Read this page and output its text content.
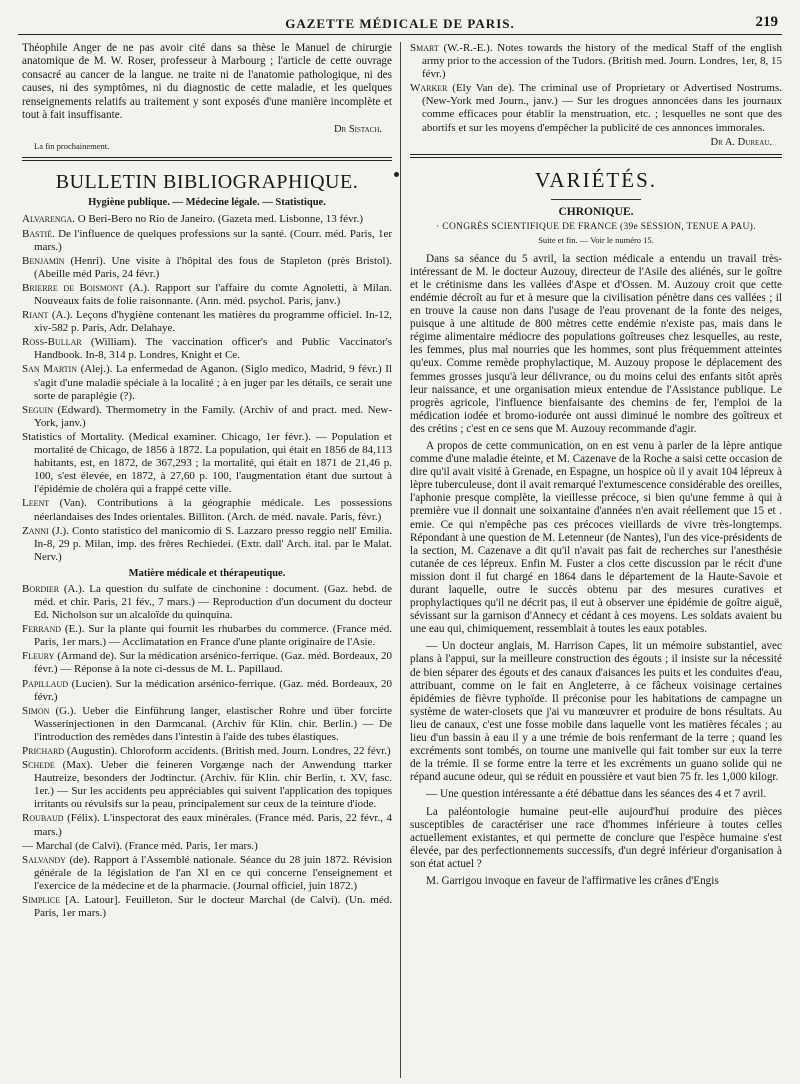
GAZETTE MÉDICALE DE PARIS.	219

Théophile Anger de ne pas avoir cité dans sa thèse le Manuel de chirurgie anatomique de M. W. Roser, professeur à Marbourg ; l'article de cette ouvrage consacré au cancer de la langue. ne traite ni de l'anatomie pathologique, ni des causes, ni des symptômes, ni du diagnostic de cette maladie, et les quelques renseignements relatifs au traitement y sont exposés d'une manière incomplète et tout à fait insuffisante.

Dr Sistach.

La fin prochainement.

BULLETIN BIBLIOGRAPHIQUE.
Hygiène publique. — Médecine légale. — Statistique.

Alvarenga. O Beri-Bero no Rio de Janeiro. (Gazeta med. Lisbonne, 13 févr.)

Bastié. De l'influence de quelques professions sur la santé. (Courr. méd. Paris, 1er mars.)

Benjamin (Henri). Une visite à l'hôpital des fous de Stapleton (près Bristol). (Abeille méd Paris, 24 févr.)

Brierre de Boismont (A.). Rapport sur l'affaire du comte Agnoletti, à Milan. Nouveaux faits de folie raisonnante. (Ann. méd. psychol. Paris, janv.)

Riant (A.). Leçons d'hygiène contenant les matières du programme officiel. In-12, xiv-582 p. Paris, Adr. Delahaye.

Ross-Bullar (William). The vaccination officer's and Public Vaccinator's Handbook. In-8, 314 p. Londres, Knight et Ce.

San Martin (Alej.). La enfermedad de Aganon. (Siglo medico, Madrid, 9 févr.) Il s'agit d'une maladie spéciale à la localité ; à en juger par les détails, ce serait une sorte de paraplégie (?).

Seguin (Edward). Thermometry in the Family. (Archiv of and pract. med. New-York, janv.)

Statistics of Mortality. (Medical examiner. Chicago, 1er févr.). — Population et mortalité de Chicago, de 1856 à 1872. La population, qui était en 1856 de 84,113 habitants, est, en 1872, de 367,293 ; la mortalité, qui était en 1871 de 21,46 p. 100, s'est élevée, en 1872, à 27,60 p. 100, l'augmentation étant due surtout à l'épidémie de choléra qui a frappé cette ville.

Leent (Van). Contributions à la géographie médicale. Les possessions néerlandaises des Indes orientales. Billiton. (Arch. de méd. navale. Paris, févr.)

Zanni (J.). Conto statistico del manicomio di S. Lazzaro presso reggio nell' Emilia. In-8, 29 p. Milan, imp. des frères Rechiedei. (Extr. dall' Arch. ital. par le Malat. Nerv.)

Matière médicale et thérapeutique.

Bordier (A.). La question du sulfate de cinchonine : document. (Gaz. hebd. de méd. et chir. Paris, 21 fév., 7 mars.) — Reproduction d'un document du docteur Ed. Nicholson sur un alcaloïde du quinquina.

Ferrand (E.). Sur la plante qui fournit les rhubarbes du commerce. (France méd. Paris, 1er mars.) — Acclimatation en France d'une plante originaire de l'Asie.

Fleury (Armand de). Sur la médication arsénico-ferrique. (Gaz. méd. Bordeaux, 20 févr.) — Réponse à la note ci-dessus de M. L. Papillaud.

Papillaud (Lucien). Sur la médication arsénico-ferrique. (Gaz. méd. Bordeaux, 20 févr.)

Simon (G.). Ueber die Einführung langer, elastischer Rohre und über forcirte Wasserinjectionen in den Darmcanal. (Archiv für Klin. chir. Berlin.) — De l'introduction des remèdes dans l'intestin à l'aide des tubes élastiques.

Prichard (Augustin). Chloroform accidents. (British med. Journ. Londres, 22 févr.)

Schede (Max). Ueber die feineren Vorgænge nach der Anwendung ttarker Hautreize, besonders der Jodtinctur. (Archiv. für Klin. chir Berlin, t. XV, fasc. 1er.) — Sur les accidents peu appréciables qui suivent l'application des topiques irritants ou révulsifs sur la peau, principalement sur ceux de la teinture d'iode.

Roubaud (Félix). L'inspectorat des eaux minérales. (France méd. Paris, 22 févr., 4 mars.)

— Marchal (de Calvi). (France méd. Paris, 1er mars.)

Salvandy (de). Rapport à l'Assemblé nationale. Séance du 28 juin 1872. Révision générale de la législation de l'an XI en ce qui concerne l'enseignement et l'exercice de la médecine et de la pharmacie. (Journal officiel, juin 1872.)

Simplice [A. Latour]. Feuilleton. Sur le docteur Marchal (de Calvi). (Un. méd. Paris, 1er mars.)

Smart (W.-R.-E.). Notes towards the history of the medical Staff of the english army prior to the accession of the Tudors. (British med. Journ. Londres, 1er, 8, 15 févr.)

Warker (Ely Van de). The criminal use of Proprietary or Advertised Nostrums. (New-York med Journ., janv.) — Sur les drogues annoncées dans les journaux comme efficaces pour établir la menstruation, etc. ; lesquelles ne sont que des abortifs et sur les moyens d'empêcher la publicité de ces annonces immorales.

Dr A. Dureau.

VARIÉTÉS.
CHRONIQUE.
· CONGRÈS SCIENTIFIQUE DE FRANCE (39e SESSION, TENUE A PAU).
Suite et fin. — Voir le numéro 15.

Dans sa séance du 5 avril, la section médicale a entendu un travail très-intéressant de M. le docteur Auzouy, directeur de l'Asile des aliénés, sur le goître et le crétinisme dans les vallées d'Aspe et d'Ossen. M. Auzouy croit que cette endémie décroît au fur et à mesure que la civilisation pénètre dans ces vallées ; il en trouve la cause non dans l'usage de l'eau provenant de la fonte des neiges, puisque à une altitude de 800 mètres cette endémie n'existe pas, mais dans le régime alimentaire médiocre des populations goîtreuses chez lesquelles, au reste, les femmes, plus mal nourries que les hommes, sont plus fréquemment atteintes qu'eux. Comme remède prophylactique, M. Auzouy propose le déplacement des femmes grosses jusqu'à leur délivrance, ou du moins celui des enfants sitôt après leur naissance, et une organisation mieux entendue de l'Assistance publique. Le progrès agricole, l'influence bienfaisante des chemins de fer, l'emploi de la médication iodée et bromo-iodurée ont aussi diminué le nombre des goîtreux et des crétins ; c'est en ce sens que M. Auzouy recommande d'agir.

A propos de cette communication, on en est venu à parler de la lèpre antique comme d'une maladie éteinte, et M. Cazenave de la Roche a saisi cette occasion de dire qu'il avait visité à Grenade, en Espagne, un hospice où il y avait 104 lépreux à lèpre tuberculeuse, dont il avait remarqué l'extumescence considérable des oreilles, l'aphonie presque complète, la vieillesse précoce, si bien qu'une femme à qui à première vue il donnait une soixantaine d'années n'en avait réellement que 15 et . emie. Ce qui n'empêche pas ces précoces vieillards de vivre très-longtemps. Répondant à une question de M. Letenneur (de Nantes), l'un des vice-présidents de la section, M. Cazenave a dit qu'il n'avait pas fait de recherches sur l'anesthésie cutanée de ces lépreux. Enfin M. Fuster a clos cette discussion par le récit d'une mission dont il fut chargé en 1864 dans le département de la Haute-Savoie et durant laquelle, outre le succès obtenu par des mesures curatives et prophylactiques qu'il ne décrit pas, il eut à observer une épidémie de goître aiguë, sévissant sur la garnison d'Annecy et cédant à ces moyens. Les soldats avaient bu une eau qui, chimiquement, ressemblait à toutes les eaux potables.

— Un docteur anglais, M. Harrison Capes, lit un mémoire substantiel, avec plans à l'appui, sur la meilleure construction des égouts ; il insiste sur la nécessité de bien séparer des égouts et des canaux d'aisances les puits et les conduites d'eau, attribuant, comme on le fait en Angleterre, à ce fâcheux voisinage certaines épidémies de fièvre typhoïde. Il préconise pour les habitations de campagne un système de water-closets que j'ai vu manœuvrer et produire de bons résultats. Au lieu de canaux, c'est une fosse mobile dans laquelle vont les matières fécales ; au lieu d'un bassin à eau il y a une trémie de bois renfermant de la terre ; quand les excréments sont tombés, on tourne une manivelle qui fait tomber sur eux la terre de la trémie. Il se forme entre la terre et les excréments un guano solide qui ne répand aucune odeur, qui se réduit en poussière et vaut bien 75 fr. les 1,000 kilogr.

— Une question intéressante a été débattue dans les séances des 4 et 7 avril.

La paléontologie humaine peut-elle aujourd'hui produire des pièces susceptibles de caractériser une race d'hommes inférieure à toutes celles actuellement existantes, et qui permette de conclure que l'espèce humaine s'est élevée, par des perfectionnements successifs, d'un degré inférieur d'organisation à son état actuel ?

M. Garrigou invoque en faveur de l'affirmative les crânes d'Engis
